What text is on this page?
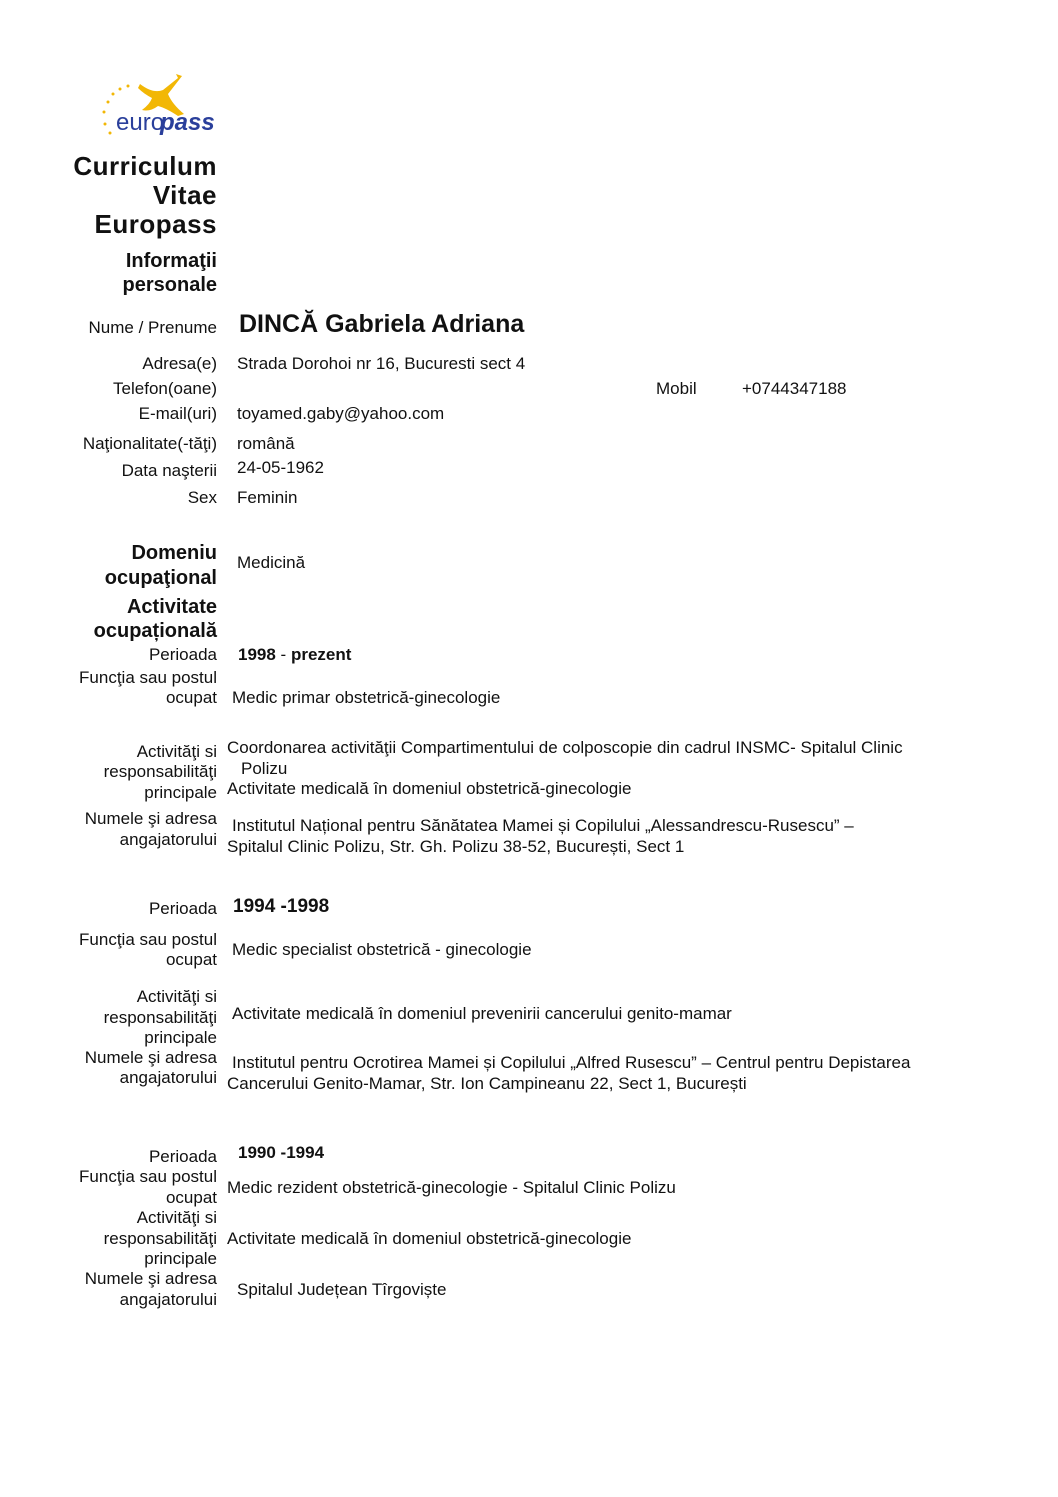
euro
pass
Curriculum
Vitae
Europass
Informaţii
personale
Nume / Prenume DINCĂ Gabriela Adriana
Adresa(e) Strada Dorohoi nr 16, Bucuresti sect 4
Telefon(oane)	Mobil	+0744347188
E-mail(uri) toyamed.gaby@yahoo.com
Naţionalitate(-tăţi) română
Data naşterii 24-05-1962
Sex Feminin
Domeniu
ocupaţional
Medicină
Activitate
ocupațională
Perioada 1998 - prezent
Funcţia sau postul
ocupat Medic primar obstetrică-ginecologie
Activităţi si
responsabilităţi
principale
Coordonarea activităţii Compartimentului de colposcopie din cadrul INSMC- Spitalul Clinic
Polizu
Activitate medicală în domeniul obstetrică-ginecologie
Numele şi adresa
angajatorului
Institutul Național pentru Sănătatea Mamei și Copilului „Alessandrescu-Rusescu” –
Spitalul Clinic Polizu, Str. Gh. Polizu 38-52, București, Sect 1
Perioada 1994 -1998
Funcţia sau postul
ocupat
Medic specialist obstetrică - ginecologie
Activităţi si
responsabilităţi
principale
Activitate medicală în domeniul prevenirii cancerului genito-mamar
Numele şi adresa
angajatorului
Institutul pentru Ocrotirea Mamei și Copilului „Alfred Rusescu” – Centrul pentru Depistarea
Cancerului Genito-Mamar, Str. Ion Campineanu 22, Sect 1, București
Perioada 1990 -1994
Funcţia sau postul
ocupat
Medic rezident obstetrică-ginecologie - Spitalul Clinic Polizu
Activităţi si
responsabilităţi
principale
Activitate medicală în domeniul obstetrică-ginecologie
Numele şi adresa
angajatorului
Spitalul Județean Tîrgoviște
